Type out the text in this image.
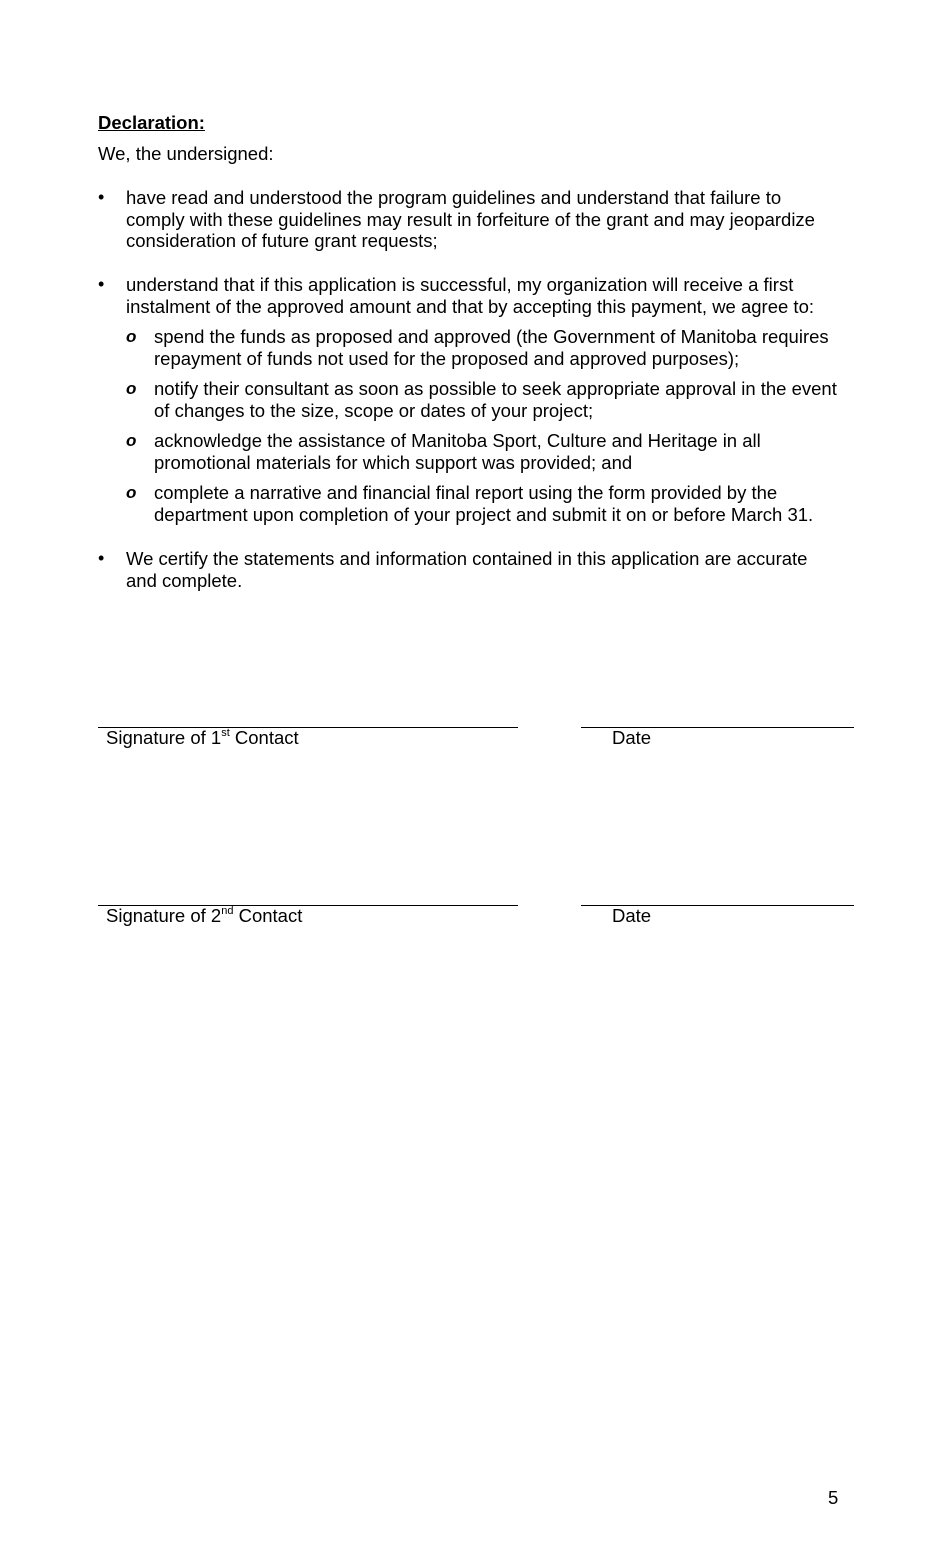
Declaration:
We, the undersigned:
• have read and understood the program guidelines and understand that failure to comply with these guidelines may result in forfeiture of the grant and may jeopardize consideration of future grant requests;
• understand that if this application is successful, my organization will receive a first instalment of the approved amount and that by accepting this payment, we agree to:
o spend the funds as proposed and approved (the Government of Manitoba requires repayment of funds not used for the proposed and approved purposes);
o notify their consultant as soon as possible to seek appropriate approval in the event of changes to the size, scope or dates of your project;
o acknowledge the assistance of Manitoba Sport, Culture and Heritage in all promotional materials for which support was provided; and
o complete a narrative and financial final report using the form provided by the department upon completion of your project and submit it on or before March 31.
• We certify the statements and information contained in this application are accurate and complete.
Signature of 1st Contact	Date
Signature of 2nd Contact	Date
5
